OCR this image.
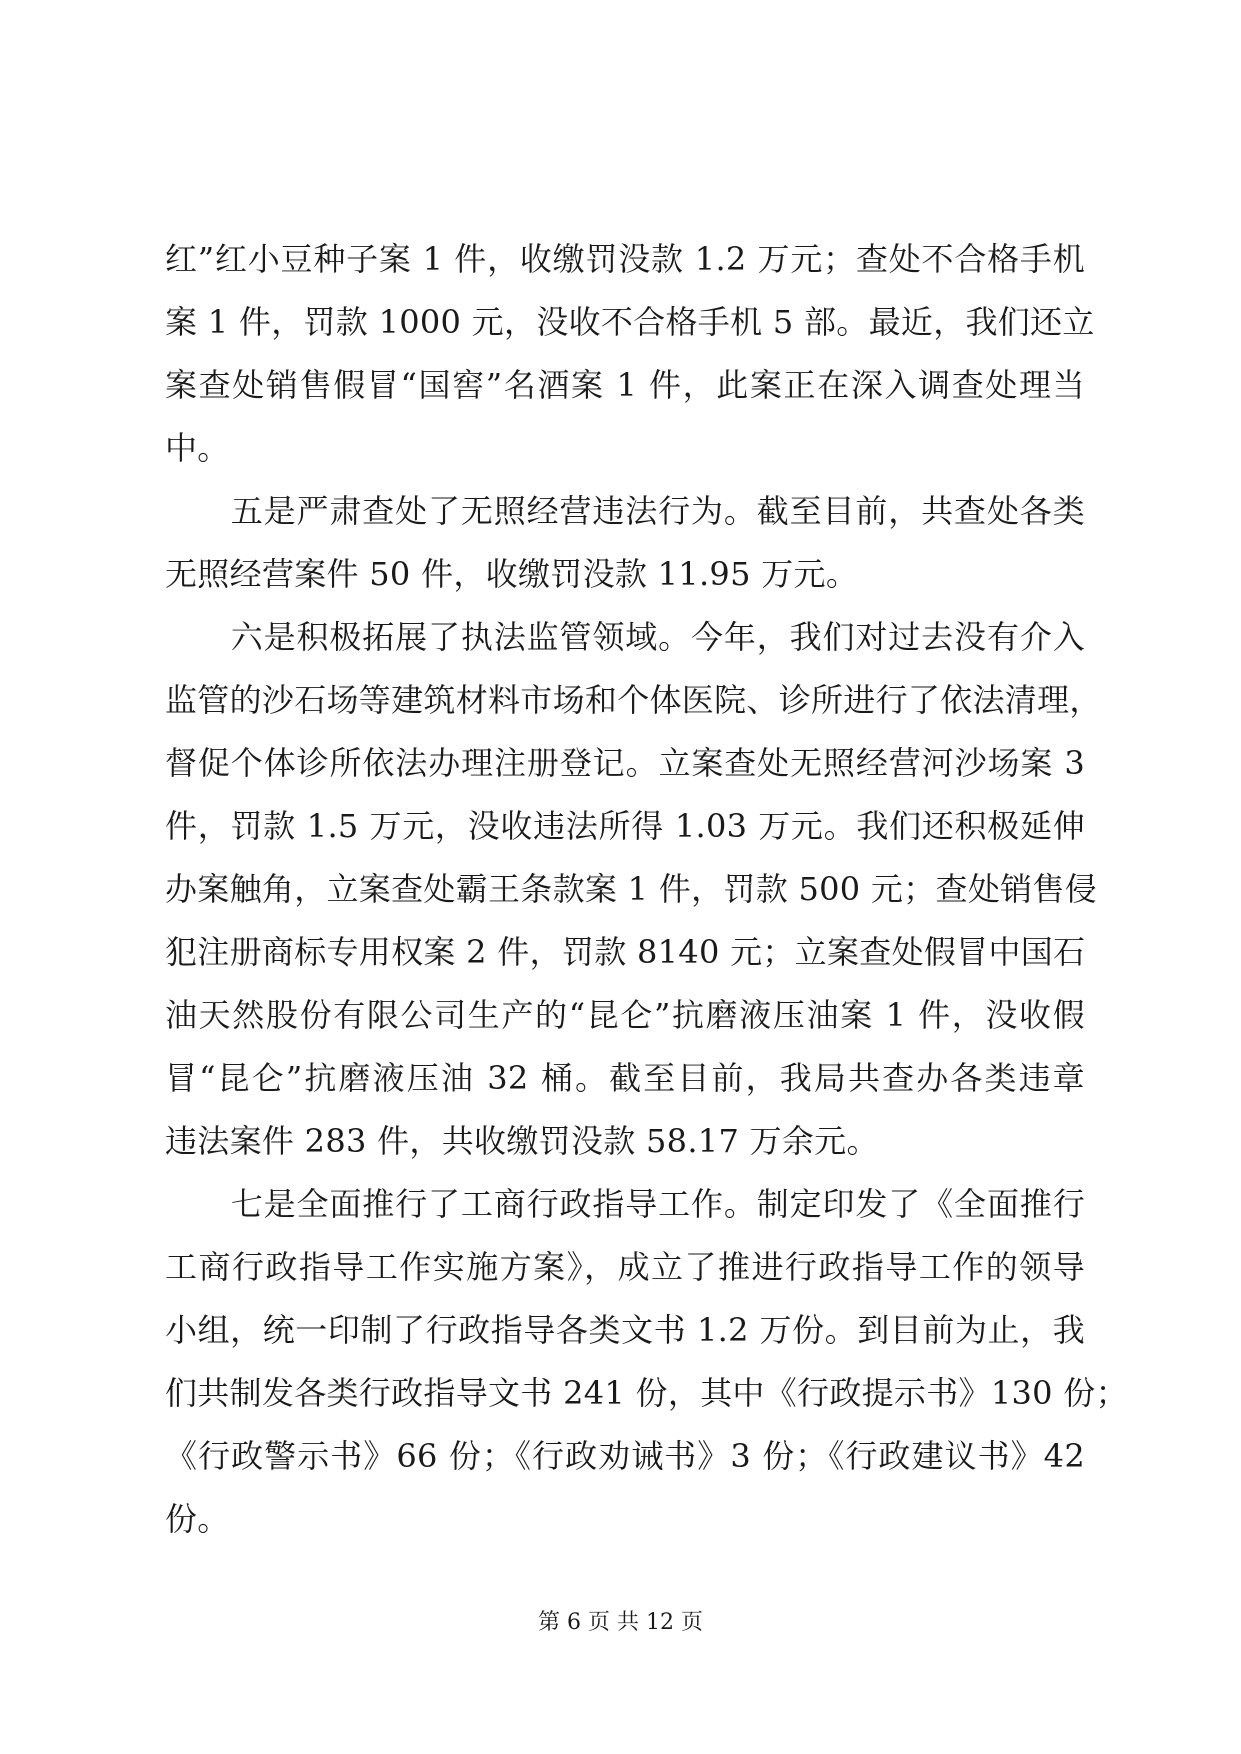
红”红小豆种子案 1 件，收缴罚没款 1.2 万元；查处不合格手机
案 1 件，罚款 1000 元，没收不合格手机 5 部。最近，我们还立
案查处销售假冒“国窖”名酒案 1 件，此案正在深入调查处理当
中。
　　五是严肃查处了无照经营违法行为。截至目前，共查处各类
无照经营案件 50 件，收缴罚没款 11.95 万元。
　　六是积极拓展了执法监管领域。今年，我们对过去没有介入
监管的沙石场等建筑材料市场和个体医院、诊所进行了依法清理，
督促个体诊所依法办理注册登记。立案查处无照经营河沙场案 3
件，罚款 1.5 万元，没收违法所得 1.03 万元。我们还积极延伸
办案触角，立案查处霸王条款案 1 件，罚款 500 元；查处销售侵
犯注册商标专用权案 2 件，罚款 8140 元；立案查处假冒中国石
油天然股份有限公司生产的“昆仑”抗磨液压油案 1 件，没收假
冒“昆仑”抗磨液压油 32 桶。截至目前，我局共查办各类违章
违法案件 283 件，共收缴罚没款 58.17 万余元。
　　七是全面推行了工商行政指导工作。制定印发了《全面推行
工商行政指导工作实施方案》，成立了推进行政指导工作的领导
小组，统一印制了行政指导各类文书 1.2 万份。到目前为止，我
们共制发各类行政指导文书 241 份，其中《行政提示书》130 份；
《行政警示书》66 份；《行政劝诫书》3 份；《行政建议书》42
份。
第 6 页 共 12 页
